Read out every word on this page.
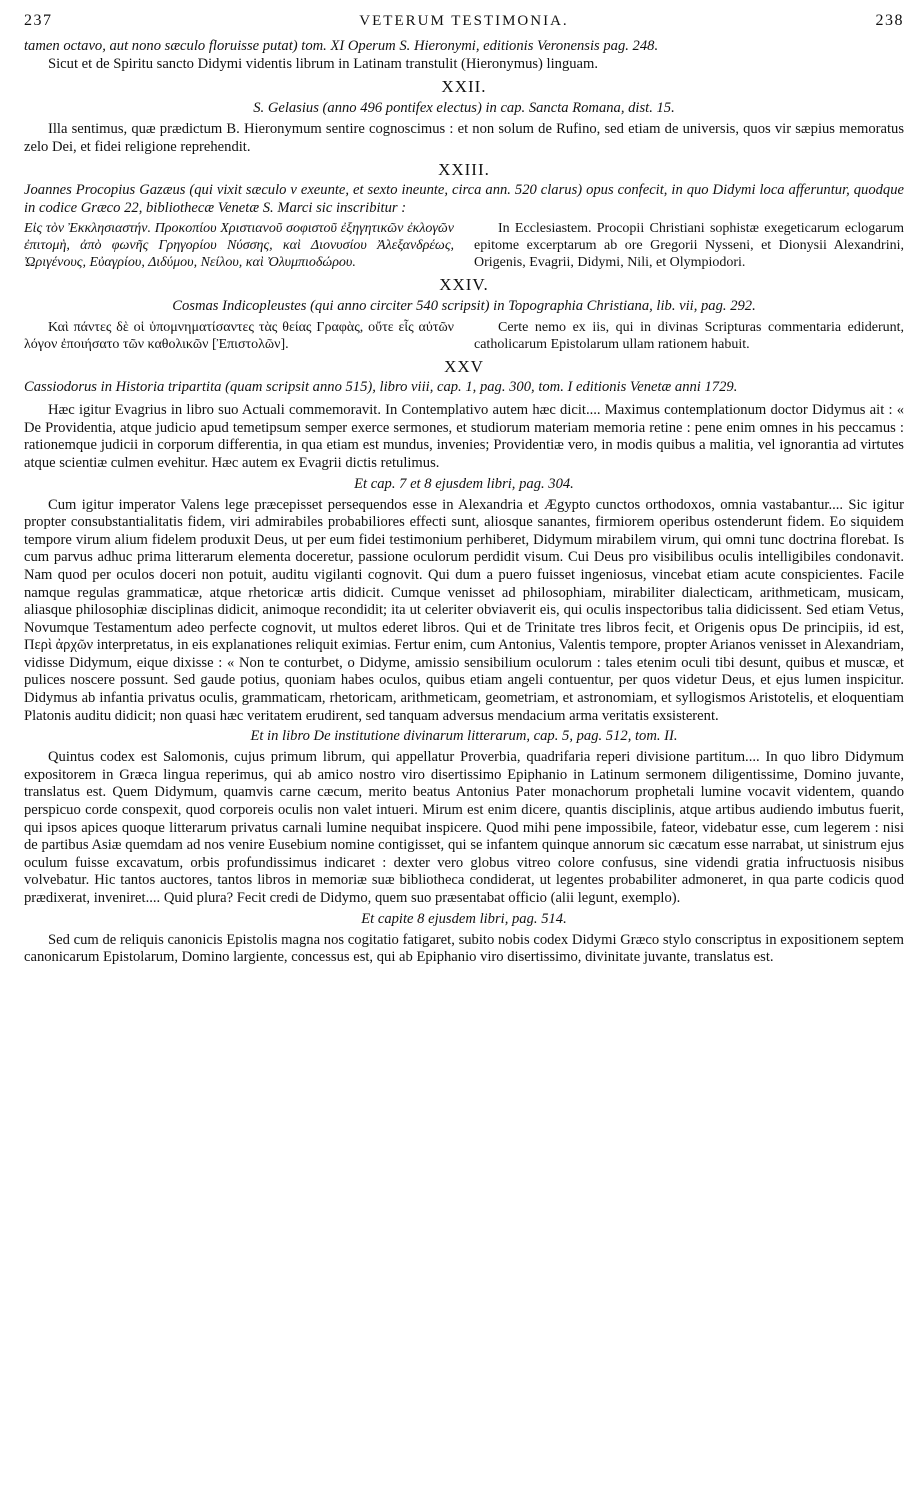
237	VETERUM TESTIMONIA.	238

tamen octavo, aut nono sæculo floruisse putat) tom. XI Operum S. Hieronymi, editionis Veronensis pag. 248.

Sicut et de Spiritu sancto Didymi videntis librum in Latinam transtulit (Hieronymus) linguam.

XXII.

S. Gelasius (anno 496 pontifex electus) in cap. Sancta Romana, dist. 15.

Illa sentimus, quæ prædictum B. Hieronymum sentire cognoscimus : et non solum de Rufino, sed etiam de universis, quos vir sæpius memoratus zelo Dei, et fidei religione reprehendit.

XXIII.

Joannes Procopius Gazæus (qui vixit sæculo v exeunte, et sexto ineunte, circa ann. 520 clarus) opus confecit, in quo Didymi loca afferuntur, quodque in codice Græco 22, bibliothecæ Venetæ S. Marci sic inscribitur :

Εἰς τὸν Ἐκκλησιαστήν. Προκοπίου Χριστιανοῦ σοφιστοῦ ἐξηγητικῶν ἐκλογῶν ἐπιτομὴ, ἀπὸ φωνῆς Γρηγορίου Νύσσης, καὶ Διονυσίου Ἀλεξανδρέως, Ὠριγένους, Εὐαγρίου, Διδύμου, Νείλου, καὶ Ὀλυμπιοδώρου.

In Ecclesiastem. Procopii Christiani sophistæ exegeticarum eclogarum epitome excerptarum ab ore Gregorii Nysseni, et Dionysii Alexandrini, Origenis, Evagrii, Didymi, Nili, et Olympiodori.

XXIV.

Cosmas Indicopleustes (qui anno circiter 540 scripsit) in Topographia Christiana, lib. vii, pag. 292.

Καὶ πάντες δὲ οἱ ὑπομνηματίσαντες τὰς θείας Γραφὰς, οὔτε εἷς αὐτῶν λόγον ἐποιήσατο τῶν καθολικῶν [Ἐπιστολῶν].

Certe nemo ex iis, qui in divinas Scripturas commentaria ediderunt, catholicarum Epistolarum ullam rationem habuit.

XXV

Cassiodorus in Historia tripartita (quam scripsit anno 515), libro viii, cap. 1, pag. 300, tom. I editionis Venetæ anni 1729.

Hæc igitur Evagrius in libro suo Actuali commemoravit. In Contemplativo autem hæc dicit.... Maximus contemplationum doctor Didymus ait : « De Providentia, atque judicio apud temetipsum semper exerce sermones, et studiorum materiam memoria retine : pene enim omnes in his peccamus : rationemque judicii in corporum differentia, in qua etiam est mundus, invenies; Providentiæ vero, in modis quibus a malitia, vel ignorantia ad virtutes atque scientiæ culmen evehitur. Hæc autem ex Evagrii dictis retulimus.

Et cap. 7 et 8 ejusdem libri, pag. 304.

Cum igitur imperator Valens lege præcepisset persequendos esse in Alexandria et Ægypto cunctos orthodoxos, omnia vastabantur.... Sic igitur propter consubstantialitatis fidem, viri admirabiles probabiliores effecti sunt, aliosque sanantes, firmiorem operibus ostenderunt fidem. Eo siquidem tempore virum alium fidelem produxit Deus, ut per eum fidei testimonium perhiberet, Didymum mirabilem virum, qui omni tunc doctrina florebat. Is cum parvus adhuc prima litterarum elementa doceretur, passione oculorum perdidit visum. Cui Deus pro visibilibus oculis intelligibiles condonavit. Nam quod per oculos doceri non potuit, auditu vigilanti cognovit. Qui dum a puero fuisset ingeniosus, vincebat etiam acute conspicientes. Facile namque regulas grammaticæ, atque rhetoricæ artis didicit. Cumque venisset ad philosophiam, mirabiliter dialecticam, arithmeticam, musicam, aliasque philosophiæ disciplinas didicit, animoque recondidit; ita ut celeriter obviaverit eis, qui oculis inspectoribus talia didicissent. Sed etiam Vetus, Novumque Testamentum adeo perfecte cognovit, ut multos ederet libros. Qui et de Trinitate tres libros fecit, et Origenis opus De principiis, id est, Περὶ ἀρχῶν interpretatus, in eis explanationes reliquit eximias. Fertur enim, cum Antonius, Valentis tempore, propter Arianos venisset in Alexandriam, vidisse Didymum, eique dixisse : « Non te conturbet, o Didyme, amissio sensibilium oculorum : tales etenim oculi tibi desunt, quibus et muscæ, et pulices noscere possunt. Sed gaude potius, quoniam habes oculos, quibus etiam angeli contuentur, per quos videtur Deus, et ejus lumen inspicitur. Didymus ab infantia privatus oculis, grammaticam, rhetoricam, arithmeticam, geometriam, et astronomiam, et syllogismos Aristotelis, et eloquentiam Platonis auditu didicit; non quasi hæc veritatem erudirent, sed tanquam adversus mendacium arma veritatis exsisterent.

Et in libro De institutione divinarum litterarum, cap. 5, pag. 512, tom. II.

Quintus codex est Salomonis, cujus primum librum, qui appellatur Proverbia, quadrifaria reperi divisione partitum.... In quo libro Didymum expositorem in Græca lingua reperimus, qui ab amico nostro viro disertissimo Epiphanio in Latinum sermonem diligentissime, Domino juvante, translatus est. Quem Didymum, quamvis carne cæcum, merito beatus Antonius Pater monachorum prophetali lumine vocavit videntem, quando perspicuo corde conspexit, quod corporeis oculis non valet intueri. Mirum est enim dicere, quantis disciplinis, atque artibus audiendo imbutus fuerit, qui ipsos apices quoque litterarum privatus carnali lumine nequibat inspicere. Quod mihi pene impossibile, fateor, videbatur esse, cum legerem : nisi de partibus Asiæ quemdam ad nos venire Eusebium nomine contigisset, qui se infantem quinque annorum sic cæcatum esse narrabat, ut sinistrum ejus oculum fuisse excavatum, orbis profundissimus indicaret : dexter vero globus vitreo colore confusus, sine videndi gratia infructuosis nisibus volvebatur. Hic tantos auctores, tantos libros in memoriæ suæ bibliotheca condiderat, ut legentes probabiliter admoneret, in qua parte codicis quod prædixerat, inveniret.... Quid plura? Fecit credi de Didymo, quem suo præsentabat officio (alii legunt, exemplo).

Et capite 8 ejusdem libri, pag. 514.

Sed cum de reliquis canonicis Epistolis magna nos cogitatio fatigaret, subito nobis codex Didymi Græco stylo conscriptus in expositionem septem canonicarum Epistolarum, Domino largiente, concessus est, qui ab Epiphanio viro disertissimo, divinitate juvante, translatus est.
